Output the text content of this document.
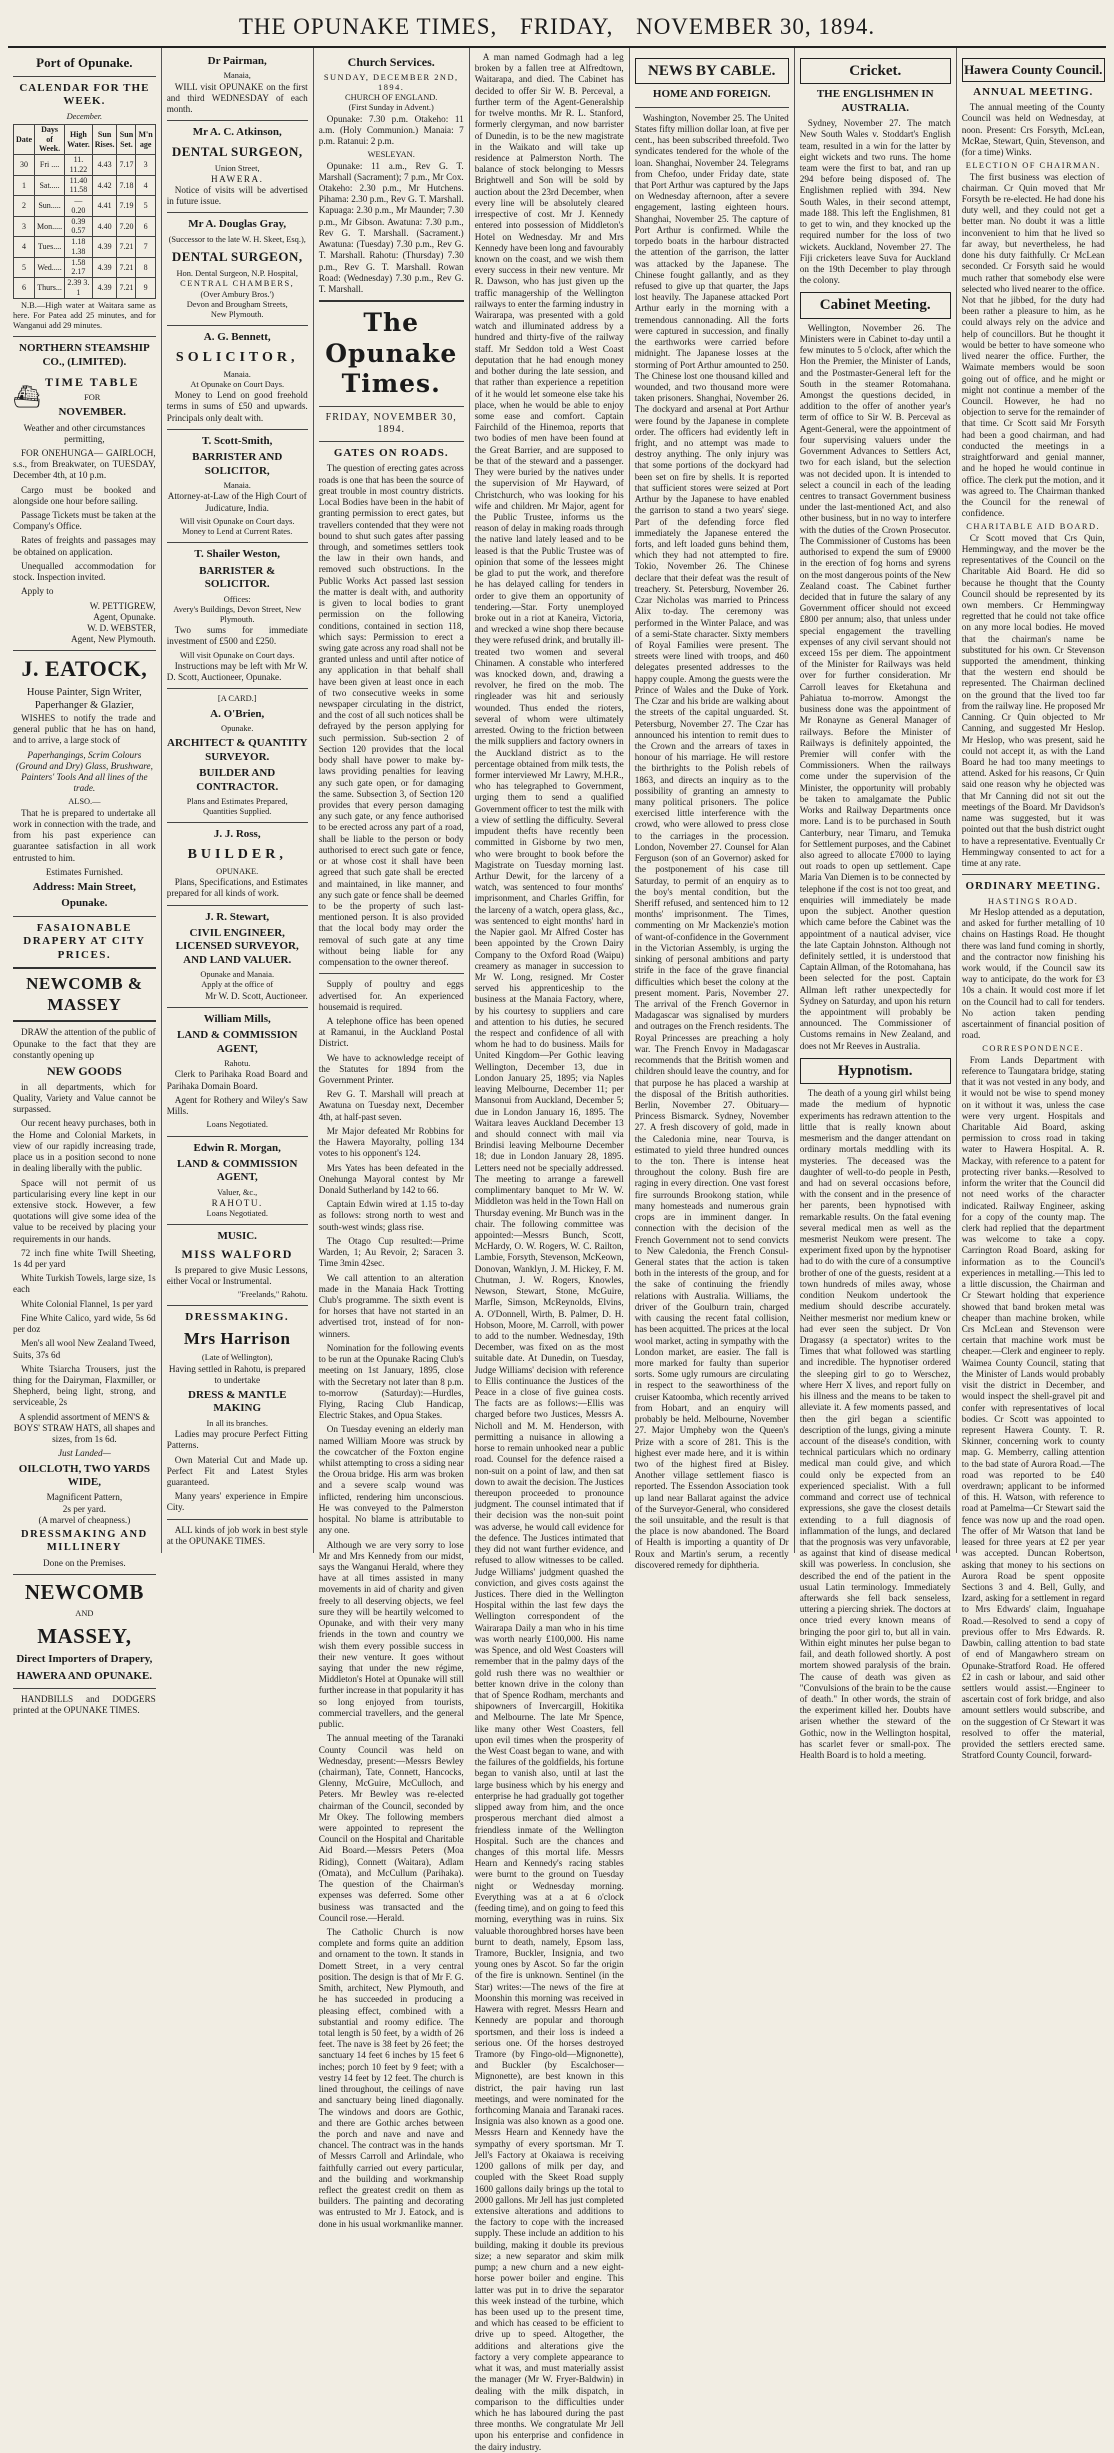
THE OPUNAKE TIMES, FRIDAY, NOVEMBER 30, 1894.
Port of Opunake.
CALENDAR FOR THE WEEK.
December.
Date	Days of Week.	High Water.	Sun Rises.	Sun Set.	M'n age
30	Fri ....	11. 11.22	4.43	7.17	3
1	Sat.....	11.40 11.58	4.42	7.18	4
2	Sun.....	— 0.20	4.41	7.19	5
3	Mon.....	0.39 0.57	4.40	7.20	6
4	Tues....	1.18 1.38	4.39	7.21	7
5	Wed.....	1.58 2.17	4.39	7.21	8
6	Thurs...	2.39 3. 1	4.39	7.21	9

N.B.—High water at Waitara same as here. For Patea add 25 minutes, and for Wanganui add 29 minutes.

NORTHERN STEAMSHIP CO., (LIMITED).
⛴
TIME TABLE
FOR
NOVEMBER.

Weather and other circumstances permitting,

FOR ONEHUNGA— GAIRLOCH, s.s., from Breakwater, on TUESDAY, December 4th, at 10 p.m.

Cargo must be booked and alongside one hour before sailing.

Passage Tickets must be taken at the Company's Office.

Rates of freights and passages may be obtained on application.

Unequalled accommodation for stock. Inspection invited.

Apply to

W. PETTIGREW,
Agent, Opunake.
W. D. WEBSTER,
Agent, New Plymouth.
J. EATOCK,
House Painter, Sign Writer, Paperhanger & Glazier,

WISHES to notify the trade and general public that he has on hand, and to arrive, a large stock of

Paperhangings, Scrim Colours (Ground and Dry) Glass, Brushware, Painters' Tools And all lines of the trade.

ALSO.—

That he is prepared to undertake all work in connection with the trade, and from his past experience can guarantee satisfaction in all work entrusted to him.

Estimates Furnished.
Address: Main Street,
Opunake.
FASAIONABLE DRAPERY AT CITY PRICES.
NEWCOMB & MASSEY

DRAW the attention of the public of Opunake to the fact that they are constantly opening up

NEW GOODS

in all departments, which for Quality, Variety and Value cannot be surpassed.

Our recent heavy purchases, both in the Home and Colonial Markets, in view of our rapidly increasing trade, place us in a position second to none in dealing liberally with the public.

Space will not permit of us particularising every line kept in our extensive stock. However, a few quotations will give some idea of the value to be received by placing your requirements in our hands.

72 inch fine white Twill Sheeting, 1s 4d per yard

White Turkish Towels, large size, 1s each

White Colonial Flannel, 1s per yard

Fine White Calico, yard wide, 5s 6d per doz

Men's all wool New Zealand Tweed, Suits, 37s 6d

White Tsiarcha Trousers, just the thing for the Dairyman, Flaxmiller, or Shepherd, being light, strong, and serviceable, 2s

A splendid assortment of MEN'S & BOYS' STRAW HATS, all shapes and sizes, from 1s 6d.

Just Landed—
OILCLOTH, TWO YARDS WIDE,
Magnificent Pattern,
2s per yard.
(A marvel of cheapness.)
DRESSMAKING AND MILLINERY
Done on the Premises.
NEWCOMB
AND
MASSEY,
Direct Importers of Drapery,
HAWERA AND OPUNAKE.

HANDBILLS and DODGERS printed at the OPUNAKE TIMES.

Dr Pairman,
Manaia,

WILL visit OPUNAKE on the first and third WEDNESDAY of each month.

Mr A. C. Atkinson,
DENTAL SURGEON,
Union Street,
HAWERA.

Notice of visits will be advertised in future issue.

Mr A. Douglas Gray,
(Successor to the late W. H. Skeet, Esq.),
DENTAL SURGEON,
Hon. Dental Surgeon, N.P. Hospital,
CENTRAL CHAMBERS,
(Over Ambury Bros.')
Devon and Brougham Streets,
New Plymouth.
A. G. Bennett,
SOLICITOR,
Manaia.
At Opunake on Court Days.

Money to Lend on good freehold terms in sums of £50 and upwards. Principals only dealt with.

T. Scott-Smith,
BARRISTER AND SOLICITOR,
Manaia.

Attorney-at-Law of the High Court of Judicature, India.

Will visit Opunake on Court days.
Money to Lend at Current Rates.
T. Shailer Weston,
BARRISTER & SOLICITOR.
Offices:
Avery's Buildings, Devon Street, New Plymouth.

Two sums for immediate investment of £500 and £250.

Will visit Opunake on Court days.

Instructions may be left with Mr W. D. Scott, Auctioneer, Opunake.

[A CARD.]
A. O'Brien,
Opunake.
ARCHITECT & QUANTITY SURVEYOR.
BUILDER AND CONTRACTOR.
Plans and Estimates Prepared,
Quantities Supplied.
J. J. Ross,
BUILDER,
OPUNAKE.

Plans, Specifications, and Estimates prepared for all kinds of work.

J. R. Stewart,
CIVIL ENGINEER, LICENSED SURVEYOR, AND LAND VALUER.
Opunake and Manaia.
Apply at the office of
Mr W. D. Scott, Auctioneer.
William Mills,
LAND & COMMISSION AGENT,
Rahotu.

Clerk to Parihaka Road Board and Parihaka Domain Board.

Agent for Rothery and Wiley's Saw Mills.

Loans Negotiated.
Edwin R. Morgan,
LAND & COMMISSION AGENT,
Valuer, &c.,
RAHOTU.
Loans Negotiated.
MUSIC.
MISS WALFORD

Is prepared to give Music Lessons, either Vocal or Instrumental.

"Freelands," Rahotu.
DRESSMAKING.
Mrs Harrison
(Late of Wellington),

Having settled in Rahotu, is prepared to undertake

DRESS & MANTLE MAKING
In all its branches.

Ladies may procure Perfect Fitting Patterns.

Own Material Cut and Made up. Perfect Fit and Latest Styles guaranteed.

Many years' experience in Empire City.

ALL kinds of job work in best style at the OPUNAKE TIMES.

Church Services.
SUNDAY, DECEMBER 2ND, 1894.
CHURCH OF ENGLAND.
(First Sunday in Advent.)

Opunake: 7.30 p.m. Otakeho: 11 a.m. (Holy Communion.) Manaia: 7 p.m. Ratanui: 2 p.m.

WESLEYAN.

Opunake: 11 a.m., Rev G. T. Marshall (Sacrament); 7 p.m., Mr Cox. Otakeho: 2.30 p.m., Mr Hutchens. Pihama: 2.30 p.m., Rev G. T. Marshall. Kapuaga: 2.30 p.m., Mr Maunder; 7.30 p.m., Mr Gibson. Awatuna: 7.30 p.m., Rev G. T. Marshall. (Sacrament.) Awatuna: (Tuesday) 7.30 p.m., Rev G. T. Marshall. Rahotu: (Thursday) 7.30 p.m., Rev G. T. Marshall. Rowan Road: (Wednesday) 7.30 p.m., Rev G. T. Marshall.

The Opunake Times.
FRIDAY, NOVEMBER 30, 1894.
GATES ON ROADS.

The question of erecting gates across roads is one that has been the source of great trouble in most country districts. Local Bodies have been in the habit of granting permission to erect gates, but travellers contended that they were not bound to shut such gates after passing through, and sometimes settlers took the law in their own hands, and removed such obstructions. In the Public Works Act passed last session the matter is dealt with, and authority is given to local bodies to grant permission on the following conditions, contained in section 118, which says: Permission to erect a swing gate across any road shall not be granted unless and until after notice of any application in that behalf shall have been given at least once in each of two consecutive weeks in some newspaper circulating in the district, and the cost of all such notices shall be defrayed by the person applying for such permission. Sub-section 2 of Section 120 provides that the local body shall have power to make by-laws providing penalties for leaving any such gate open, or for damaging the same. Subsection 3, of Section 120 provides that every person damaging any such gate, or any fence authorised to be erected across any part of a road, shall be liable to the person or body authorised to erect such gate or fence, or at whose cost it shall have been agreed that such gate shall be erected and maintained, in like manner, and any such gate or fence shall be deemed to be the property of such last-mentioned person. It is also provided that the local body may order the removal of such gate at any time without being liable for any compensation to the owner thereof.

Supply of poultry and eggs advertised for. An experienced housemaid is required.

A telephone office has been opened at Ramanui, in the Auckland Postal District.

We have to acknowledge receipt of the Statutes for 1894 from the Government Printer.

Rev G. T. Marshall will preach at Awatuna on Tuesday next, December 4th, at half-past seven.

Mr Major defeated Mr Robbins for the Hawera Mayoralty, polling 134 votes to his opponent's 124.

Mrs Yates has been defeated in the Onehunga Mayoral contest by Mr Donald Sutherland by 142 to 66.

Captain Edwin wired at 1.15 to-day as follows: strong north to west and south-west winds; glass rise.

The Otago Cup resulted:—Prime Warden, 1; Au Revoir, 2; Saracen 3. Time 3min 42sec.

We call attention to an alteration made in the Manaia Hack Trotting Club's programme. The sixth event is for horses that have not started in an advertised trot, instead of for non-winners.

Nomination for the following events to be run at the Opunake Racing Club's meeting on 1st January, 1895, close with the Secretary not later than 8 p.m. to-morrow (Saturday):—Hurdles, Flying, Racing Club Handicap, Electric Stakes, and Opua Stakes.

On Tuesday evening an elderly man named William Moore was struck by the cowcatcher of the Foxton engine whilst attempting to cross a siding near the Oroua bridge. His arm was broken and a severe scalp wound was inflicted, rendering him unconscious. He was conveyed to the Palmerston hospital. No blame is attributable to any one.

Although we are very sorry to lose Mr and Mrs Kennedy from our midst, says the Wanganui Herald, where they have at all times assisted in many movements in aid of charity and given freely to all deserving objects, we feel sure they will be heartily welcomed to Opunake, and with their very many friends in the town and country we wish them every possible success in their new venture. It goes without saying that under the new régime, Middleton's Hotel at Opunake will still further increase in that popularity it has so long enjoyed from tourists, commercial travellers, and the general public.

The annual meeting of the Taranaki County Council was held on Wednesday, present:—Messrs Bewley (chairman), Tate, Connett, Hancocks, Glenny, McGuire, McCulloch, and Peters. Mr Bewley was re-elected chairman of the Council, seconded by Mr Okey. The following members were appointed to represent the Council on the Hospital and Charitable Aid Board.—Messrs Peters (Moa Riding), Connett (Waitara), Adlam (Omata), and McCullum (Parihaka). The question of the Chairman's expenses was deferred. Some other business was transacted and the Council rose.—Herald.

The Catholic Church is now complete and forms quite an addition and ornament to the town. It stands in Domett Street, in a very central position. The design is that of Mr F. G. Smith, architect, New Plymouth, and he has succeeded in producing a pleasing effect, combined with a substantial and roomy edifice. The total length is 50 feet, by a width of 26 feet. The nave is 38 feet by 26 feet; the sanctuary 14 feet 6 inches by 15 feet 6 inches; porch 10 feet by 9 feet; with a vestry 14 feet by 12 feet. The church is lined throughout, the ceilings of nave and sanctuary being lined diagonally. The windows and doors are Gothic, and there are Gothic arches between the porch and nave and nave and chancel. The contract was in the hands of Messrs Carroll and Arlindale, who faithfully carried out every particular, and the building and workmanship reflect the greatest credit on them as builders. The painting and decorating was entrusted to Mr J. Eatock, and is done in his usual workmanlike manner.

A man named Godmagh had a leg broken by a fallen tree at Alfredtown, Waitarapa, and died. The Cabinet has decided to offer Sir W. B. Perceval, a further term of the Agent-Generalship for twelve months. Mr R. L. Stanford, formerly clergyman, and now barrister of Dunedin, is to be the new magistrate in the Waikato and will take up residence at Palmerston North. The balance of stock belonging to Messrs Brightwell and Son will be sold by auction about the 23rd December, when every line will be absolutely cleared irrespective of cost. Mr J. Kennedy entered into possession of Middleton's Hotel on Wednesday. Mr and Mrs Kennedy have been long and favourably known on the coast, and we wish them every success in their new venture. Mr R. Dawson, who has just given up the traffic managership of the Wellington railways to enter the farming industry in Wairarapa, was presented with a gold watch and illuminated address by a hundred and thirty-five of the railway staff. Mr Seddon told a West Coast deputation that he had enough money and bother during the late session, and that rather than experience a repetition of it he would let someone else take his place, when he would be able to enjoy some ease and comfort. Captain Fairchild of the Hinemoa, reports that two bodies of men have been found at the Great Barrier, and are supposed to be that of the steward and a passenger. They were buried by the natives under the supervision of Mr Hayward, of Christchurch, who was looking for his wife and children. Mr Major, agent for the Public Trustee, informs us the reason of delay in making roads through the native land lately leased and to be leased is that the Public Trustee was of opinion that some of the lessees might be glad to put the work, and therefore he has delayed calling for tenders in order to give them an opportunity of tendering.—Star. Forty unemployed broke out in a riot at Kaneira, Victoria, and wrecked a wine shop there because they were refused drink, and brutally ill-treated two women and several Chinamen. A constable who interfered was knocked down, and, drawing a revolver, he fired on the mob. The ringleader was hit and seriously wounded. Thus ended the rioters, several of whom were ultimately arrested. Owing to the friction between the milk suppliers and factory owners in the Auckland district as to the percentage obtained from milk tests, the former interviewed Mr Lawry, M.H.R., who has telegraphed to Government, urging them to send a qualified Government officer to test the milk with a view of settling the difficulty. Several impudent thefts have recently been committed in Gisborne by two men, who were brought to book before the Magistrate on Tuesday morning last. Arthur Dewit, for the larceny of a watch, was sentenced to four months' imprisonment, and Charles Griffin, for the larceny of a watch, opera glass, &c., was sentenced to eight months' hard in the Napier gaol. Mr Alfred Coster has been appointed by the Crown Dairy Company to the Oxford Road (Waipu) creamery as manager in succession to Mr W. Long, resigned. Mr Coster served his apprenticeship to the business at the Manaia Factory, where, by his courtesy to suppliers and care and attention to his duties, he secured the respect and confidence of all with whom he had to do business. Mails for United Kingdom—Per Gothic leaving Wellington, December 13, due in London January 25, 1895; via Naples leaving Melbourne, December 11; per Mansonui from Auckland, December 5; due in London January 16, 1895. The Waitara leaves Auckland December 13 and should connect with mail via Brindisi leaving Melbourne December 18; due in London January 28, 1895. Letters need not be specially addressed. The meeting to arrange a farewell complimentary banquet to Mr W. W. Middleton was held in the Town Hall on Thursday evening. Mr Bunch was in the chair. The following committee was appointed:—Messrs Bunch, Scott, McHardy, O. W. Rogers, W. C. Railton, Lambie, Forsyth, Stevenson, McKeown, Donovan, Wanklyn, J. M. Hickey, F. M. Chutman, J. W. Rogers, Knowles, Newson, Stewart, Stone, McGuire, Marfle, Simson, McReynolds, Elvins, A. O'Donnell, Wirth, B. Palmer, D. H. Hobson, Moore, M. Carroll, with power to add to the number. Wednesday, 19th December, was fixed on as the most suitable date. At Dunedin, on Tuesday, Judge Williams' decision with reference to Ellis continuance the Justices of the Peace in a close of five guinea costs. The facts are as follows:—Ellis was charged before two Justices, Messrs A. Nicholl and M. M. Henderson, with permitting a nuisance in allowing a horse to remain unhooked near a public road. Counsel for the defence raised a non-suit on a point of law, and then sat down to await the decision. The Justices thereupon proceeded to pronounce judgment. The counsel intimated that if their decision was the non-suit point was adverse, he would call evidence for the defence. The Justices intimated that they did not want further evidence, and refused to allow witnesses to be called. Judge Williams' judgment quashed the conviction, and gives costs against the Justices. There died in the Wellington Hospital within the last few days the Wellington correspondent of the Wairarapa Daily a man who in his time was worth nearly £100,000. His name was Spence, and old West Coasters will remember that in the palmy days of the gold rush there was no wealthier or better known drive in the colony than that of Spence Rodham, merchants and shipowners of Invercargill, Hokitika and Melbourne. The late Mr Spence, like many other West Coasters, fell upon evil times when the prosperity of the West Coast began to wane, and with the failures of the goldfields, his fortune began to vanish also, until at last the large business which by his energy and enterprise he had gradually got together slipped away from him, and the once prosperous merchant died almost a friendless inmate of the Wellington Hospital. Such are the chances and changes of this mortal life. Messrs Hearn and Kennedy's racing stables were burnt to the ground on Tuesday night or Wednesday morning. Everything was at a at 6 o'clock (feeding time), and on going to feed this morning, everything was in ruins. Six valuable thoroughbred horses have been burnt to death, namely, Epsom lass, Tramore, Buckler, Insignia, and two young ones by Ascot. So far the origin of the fire is unknown. Sentinel (in the Star) writes:—The news of the fire at Moonshin this morning was received in Hawera with regret. Messrs Hearn and Kennedy are popular and thorough sportsmen, and their loss is indeed a serious one. Of the horses destroyed Tramore (by Fingo-old—Mignonette), and Buckler (by Escalchoser—Mignonette), are best known in this district, the pair having run last meetings, and were nominated for the forthcoming Manaia and Taranaki races. Insignia was also known as a good one. Messrs Hearn and Kennedy have the sympathy of every sportsman. Mr T. Jell's Factory at Okaiawa is receiving 1200 gallons of milk per day, and coupled with the Skeet Road supply 1600 gallons daily brings up the total to 2000 gallons. Mr Jell has just completed extensive alterations and additions to the factory to cope with the increased supply. These include an addition to his building, making it double its previous size; a new separator and skim milk pump; a new churn and a new eight-horse power boiler and engine. This latter was put in to drive the separator this week instead of the turbine, which has been used up to the present time, and which has ceased to be efficient to drive up to speed. Altogether, the additions and alterations give the factory a very complete appearance to what it was, and must materially assist the manager (Mr W. Fryer-Baldwin) in dealing with the milk dispatch, in comparison to the difficulties under which he has laboured during the past three months. We congratulate Mr Jell upon his enterprise and confidence in the dairy industry.

NEWS BY CABLE.
HOME AND FOREIGN.

Washington, November 25. The United States fifty million dollar loan, at five per cent., has been subscribed threefold. Two syndicates tendered for the whole of the loan. Shanghai, November 24. Telegrams from Chefoo, under Friday date, state that Port Arthur was captured by the Japs on Wednesday afternoon, after a severe engagement, lasting eighteen hours. Shanghai, November 25. The capture of Port Arthur is confirmed. While the torpedo boats in the harbour distracted the attention of the garrison, the latter was attacked by the Japanese. The Chinese fought gallantly, and as they refused to give up that quarter, the Japs lost heavily. The Japanese attacked Port Arthur early in the morning with a tremendous cannonading. All the forts were captured in succession, and finally the earthworks were carried before midnight. The Japanese losses at the storming of Port Arthur amounted to 250. The Chinese lost one thousand killed and wounded, and two thousand more were taken prisoners. Shanghai, November 26. The dockyard and arsenal at Port Arthur were found by the Japanese in complete order. The officers had evidently left in fright, and no attempt was made to destroy anything. The only injury was that some portions of the dockyard had been set on fire by shells. It is reported that sufficient stores were seized at Port Arthur by the Japanese to have enabled the garrison to stand a two years' siege. Part of the defending force fled immediately the Japanese entered the forts, and left loaded guns behind them, which they had not attempted to fire. Tokio, November 26. The Chinese declare that their defeat was the result of treachery. St. Petersburg, November 26. Czar Nicholas was married to Princess Alix to-day. The ceremony was performed in the Winter Palace, and was of a semi-State character. Sixty members of Royal Families were present. The streets were lined with troops, and 460 delegates presented addresses to the happy couple. Among the guests were the Prince of Wales and the Duke of York. The Czar and his bride are walking about the streets of the capital unguarded. St. Petersburg, November 27. The Czar has announced his intention to remit dues to the Crown and the arrears of taxes in honour of his marriage. He will restore the birthrights to the Polish rebels of 1863, and directs an inquiry as to the possibility of granting an amnesty to many political prisoners. The police exercised little interference with the crowd, who were allowed to press close to the carriages in the procession. London, November 27. Counsel for Alan Ferguson (son of an Governor) asked for the postponement of his case till Saturday, to permit of an enquiry as to the boy's mental condition, but the Sheriff refused, and sentenced him to 12 months' imprisonment. The Times, commenting on Mr Mackenzie's motion of want-of-confidence in the Government in the Victorian Assembly, is urging the sinking of personal ambitions and party strife in the face of the grave financial difficulties which beset the colony at the present moment. Paris, November 27. The arrival of the French Governor in Madagascar was signalised by murders and outrages on the French residents. The Royal Princesses are preaching a holy war. The French Envoy in Madagascar recommends that the British women and children should leave the country, and for that purpose he has placed a warship at the disposal of the British authorities. Berlin, November 27. Obituary—Princess Bismarck. Sydney, November 27. A fresh discovery of gold, made in the Caledonia mine, near Tourva, is estimated to yield three hundred ounces to the ton. There is intense heat throughout the colony. Bush fire are raging in every direction. One vast forest fire surrounds Brookong station, while many homesteads and numerous grain crops are in imminent danger. In connection with the decision of the French Government not to send convicts to New Caledonia, the French Consul-General states that the action is taken both in the interests of the group, and for the sake of continuing the friendly relations with Australia. Williams, the driver of the Goulburn train, charged with causing the recent fatal collision, has been acquitted. The prices at the local wool market, acting in sympathy with the London market, are easier. The fall is more marked for faulty than superior sorts. Some ugly rumours are circulating in respect to the seaworthiness of the cruiser Katoomba, which recently arrived from Hobart, and an enquiry will probably be held. Melbourne, November 27. Major Umpheby won the Queen's Prize with a score of 281. This is the highest ever made here, and it is within two of the highest fired at Bisley. Another village settlement fiasco is reported. The Essendon Association took up land near Ballarat against the advice of the Surveyor-General, who considered the soil unsuitable, and the result is that the place is now abandoned. The Board of Health is importing a quantity of Dr Roux and Martin's serum, a recently discovered remedy for diphtheria.

Cricket.
THE ENGLISHMEN IN AUSTRALIA.

Sydney, November 27. The match New South Wales v. Stoddart's English team, resulted in a win for the latter by eight wickets and two runs. The home team were the first to bat, and ran up 294 before being disposed of. The Englishmen replied with 394. New South Wales, in their second attempt, made 188. This left the Englishmen, 81 to get to win, and they knocked up the required number for the loss of two wickets. Auckland, November 27. The Fiji cricketers leave Suva for Auckland on the 19th December to play through the colony.

Cabinet Meeting.

Wellington, November 26. The Ministers were in Cabinet to-day until a few minutes to 5 o'clock, after which the Hon the Premier, the Minister of Lands, and the Postmaster-General left for the South in the steamer Rotomahana. Amongst the questions decided, in addition to the offer of another year's term of office to Sir W. B. Perceval as Agent-General, were the appointment of four supervising valuers under the Government Advances to Settlers Act, two for each island, but the selection was not decided upon. It is intended to select a council in each of the leading centres to transact Government business under the last-mentioned Act, and also other business, but in no way to interfere with the duties of the Crown Prosecutor. The Commissioner of Customs has been authorised to expend the sum of £9000 in the erection of fog horns and syrens on the most dangerous points of the New Zealand coast. The Cabinet further decided that in future the salary of any Government officer should not exceed £800 per annum; also, that unless under special engagement the travelling expenses of any civil servant should not exceed 15s per diem. The appointment of the Minister for Railways was held over for further consideration. Mr Carroll leaves for Eketahuna and Pahiatua to-morrow. Amongst the business done was the appointment of Mr Ronayne as General Manager of railways. Before the Minister of Railways is definitely appointed, the Premier will confer with the Commissioners. When the railways come under the supervision of the Minister, the opportunity will probably be taken to amalgamate the Public Works and Railway Departments once more. Land is to be purchased in South Canterbury, near Timaru, and Temuka for Settlement purposes, and the Cabinet also agreed to allocate £7000 to laying out roads to open up settlement. Cape Maria Van Diemen is to be connected by telephone if the cost is not too great, and enquiries will immediately be made upon the subject. Another question which came before the Cabinet was the appointment of a nautical adviser, vice the late Captain Johnston. Although not definitely settled, it is understood that Captain Allman, of the Rotomahana, has been selected for the post. Captain Allman left rather unexpectedly for Sydney on Saturday, and upon his return the appointment will probably be announced. The Commissioner of Customs remains in New Zealand, and does not Mr Reeves in Australia.

Hypnotism.

The death of a young girl whilst being made the medium of hypnotic experiments has redrawn attention to the little that is really known about mesmerism and the danger attendant on ordinary mortals meddling with its mysteries. The deceased was the daughter of well-to-do people in Pesth, and had on several occasions before, with the consent and in the presence of her parents, been hypnotised with remarkable results. On the fatal evening several medical men as well as the mesmerist Neukom were present. The experiment fixed upon by the hypnotiser had to do with the cure of a consumptive brother of one of the guests, resident at a town hundreds of miles away, whose condition Neukom undertook the medium should describe accurately. Neither mesmerist nor medium knew or had ever seen the subject. Dr Von Dragassy (a spectator) writes to the Times that what followed was startling and incredible. The hypnotiser ordered the sleeping girl to go to Werschez, where Herr X lives, and report fully on his illness and the means to be taken to alleviate it. A few moments passed, and then the girl began a scientific description of the lungs, giving a minute account of the disease's condition, with technical particulars which no ordinary medical man could give, and which could only be expected from an experienced specialist. With a full command and correct use of technical expressions, she gave the closest details extending to a full diagnosis of inflammation of the lungs, and declared that the prognosis was very unfavorable, as against that kind of disease medical skill was powerless. In conclusion, she described the end of the patient in the usual Latin terminology. Immediately afterwards she fell back senseless, uttering a piercing shriek. The doctors at once tried every known means of bringing the poor girl to, but all in vain. Within eight minutes her pulse began to fail, and death followed shortly. A post mortem showed paralysis of the brain. The cause of death was given as "Convulsions of the brain to be the cause of death." In other words, the strain of the experiment killed her. Doubts have arisen whether the steward of the Gothic, now in the Wellington hospital, has scarlet fever or small-pox. The Health Board is to hold a meeting.

Hawera County Council.
ANNUAL MEETING.

The annual meeting of the County Council was held on Wednesday, at noon. Present: Crs Forsyth, McLean, McRae, Stewart, Quin, Stevenson, and (for a time) Winks.

ELECTION OF CHAIRMAN.

The first business was election of chairman. Cr Quin moved that Mr Forsyth be re-elected. He had done his duty well, and they could not get a better man. No doubt it was a little inconvenient to him that he lived so far away, but nevertheless, he had done his duty faithfully. Cr McLean seconded. Cr Forsyth said he would much rather that somebody else were selected who lived nearer to the office. Not that he jibbed, for the duty had been rather a pleasure to him, as he could always rely on the advice and help of councillors. But he thought it would be better to have someone who lived nearer the office. Further, the Waimate members would be soon going out of office, and he might or might not continue a member of the Council. However, he had no objection to serve for the remainder of that time. Cr Scott said Mr Forsyth had been a good chairman, and had conducted the meetings in a straightforward and genial manner, and he hoped he would continue in office. The clerk put the motion, and it was agreed to. The Chairman thanked the Council for the renewal of confidence.

CHARITABLE AID BOARD.

Cr Scott moved that Crs Quin, Hemmingway, and the mover be the representatives of the Council on the Charitable Aid Board. He did so because he thought that the County Council should be represented by its own members. Cr Hemmingway regretted that he could not take office on any more local bodies. He moved that the chairman's name be substituted for his own. Cr Stevenson supported the amendment, thinking that the western end should be represented. The Chairman declined on the ground that the lived too far from the railway line. He proposed Mr Canning. Cr Quin objected to Mr Canning, and suggested Mr Heslop. Mr Heslop, who was present, said he could not accept it, as with the Land Board he had too many meetings to attend. Asked for his reasons, Cr Quin said one reason why he objected was that Mr Canning did not sit out the meetings of the Board. Mr Davidson's name was suggested, but it was pointed out that the bush district ought to have a representative. Eventually Cr Hemmingway consented to act for a time at any rate.

ORDINARY MEETING.
HASTINGS ROAD.

Mr Heslop attended as a deputation, and asked for further metalling of 10 chains on Hastings Road. He thought there was land fund coming in shortly, and the contractor now finishing his work would, if the Council saw its way to anticipate, do the work for £3 10s a chain. It would cost more if let on the Council had to call for tenders. No action taken pending ascertainment of financial position of road.

CORRESPONDENCE.

From Lands Department with reference to Taungatara bridge, stating that it was not vested in any body, and it would not be wise to spend money on it without it was, unless the case were very urgent. Hospitals and Charitable Aid Board, asking permission to cross road in taking water to Hawera Hospital. A. R. Mackay, with reference to a patent for protecting river banks.—Resolved to inform the writer that the Council did not need works of the character indicated. Railway Engineer, asking for a copy of the county map. The clerk had replied that the department was welcome to take a copy. Carrington Road Board, asking for information as to the Council's experiences in metalling.—This led to a little discussion, the Chairman and Cr Stewart holding that experience showed that band broken metal was cheaper than machine broken, while Crs McLean and Stevenson were certain that machine work must be cheaper.—Clerk and engineer to reply. Waimea County Council, stating that the Minister of Lands would probably visit the district in December, and would inspect the shell-gravel pit and confer with representatives of local bodies. Cr Scott was appointed to represent Hawera County. T. R. Skinner, concerning work to county map. G. Memberry, calling attention to the bad state of Aurora Road.—The road was reported to be £40 overdrawn; applicant to be informed of this. H. Watson, with reference to road at Pamelma—Cr Stewart said the fence was now up and the road open. The offer of Mr Watson that land be leased for three years at £2 per year was accepted. Duncan Robertson, asking that money to his sections on Aurora Road be spent opposite Sections 3 and 4. Bell, Gully, and Izard, asking for a settlement in regard to Mrs Edwards' claim, Inguahape Road.—Resolved to send a copy of previous offer to Mrs Edwards. R. Dawbin, calling attention to bad state of end of Mangawhero stream on Opunake-Stratford Road. He offered £2 in cash or labour, and said other settlers would assist.—Engineer to ascertain cost of fork bridge, and also amount settlers would subscribe, and on the suggestion of Cr Stewart it was resolved to offer the material, provided the settlers erected same. Stratford County Council, forward-
